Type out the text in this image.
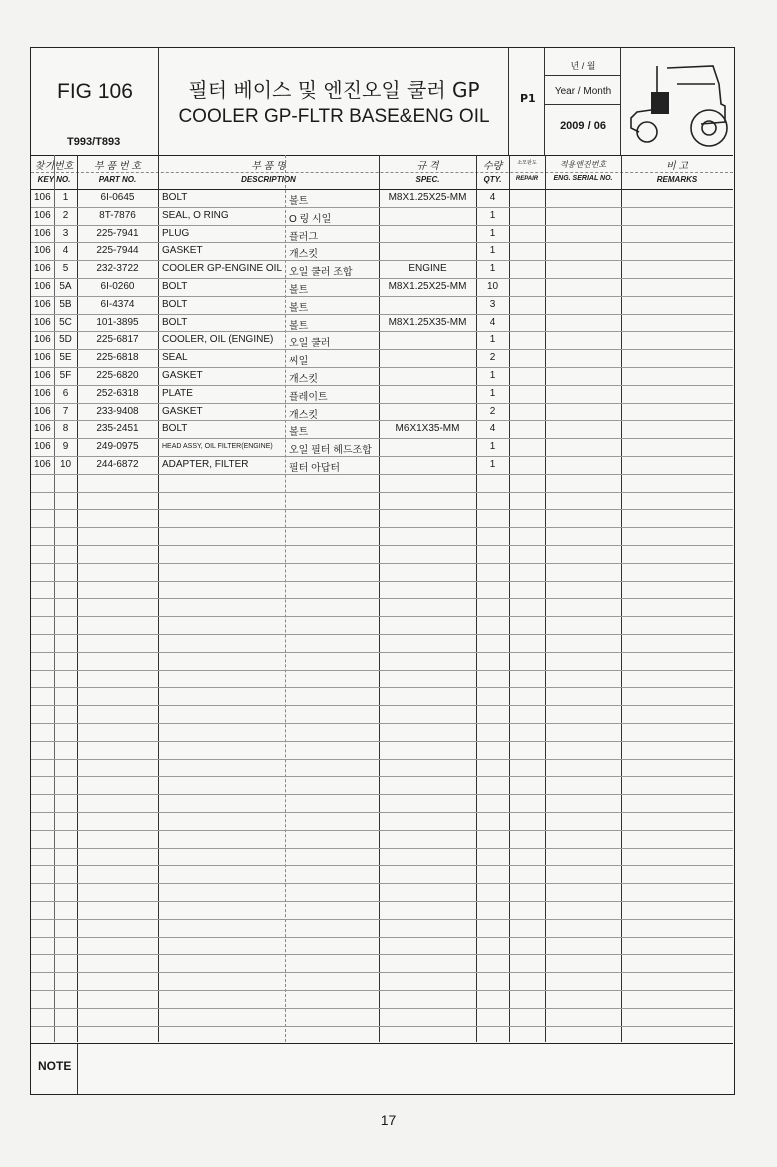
FIG 106
T993/T893
필터 베이스 및 엔진오일 쿨러 GP
COOLER GP-FLTR BASE&ENG OIL
P1
년 / 월
Year / Month
2009 / 06
찾기번호
KEY NO.
부 품 번 호
PART NO.
부 품 명
DESCRIPTION
규 격
SPEC.
수량
QTY.
소모판도
REPAIR
적용엔진번호
ENG. SERIAL NO.
비 고
REMARKS
106	1	6I-0645	BOLT	볼트	M8X1.25X25-MM	4
106	2	8T-7876	SEAL, O RING	O 링 시일	1
106	3	225-7941	PLUG	플러그	1
106	4	225-7944	GASKET	개스킷	1
106	5	232-3722	COOLER GP-ENGINE OIL 오일 쿨러 조합	ENGINE	1
106 5A	6I-0260	BOLT	볼트	M8X1.25X25-MM	10
106 5B	6I-4374	BOLT	볼트	3
106 5C	101-3895	BOLT	볼트	M8X1.25X35-MM	4
106 5D	225-6817	COOLER, OIL (ENGINE) 오일 쿨러	1
106 5E	225-6818	SEAL	씨일	2
106 5F	225-6820	GASKET	개스킷	1
106	6	252-6318	PLATE	플레이트	1
106	7	233-9408	GASKET	개스킷	2
106	8	235-2451	BOLT	볼트	M6X1X35-MM	4
106	9	249-0975	HEAD ASSY, OIL FILTER(ENGINE) 오일 필터 헤드조합	1
106 10	244-6872	ADAPTER, FILTER	필터 아답터	1
NOTE
17
